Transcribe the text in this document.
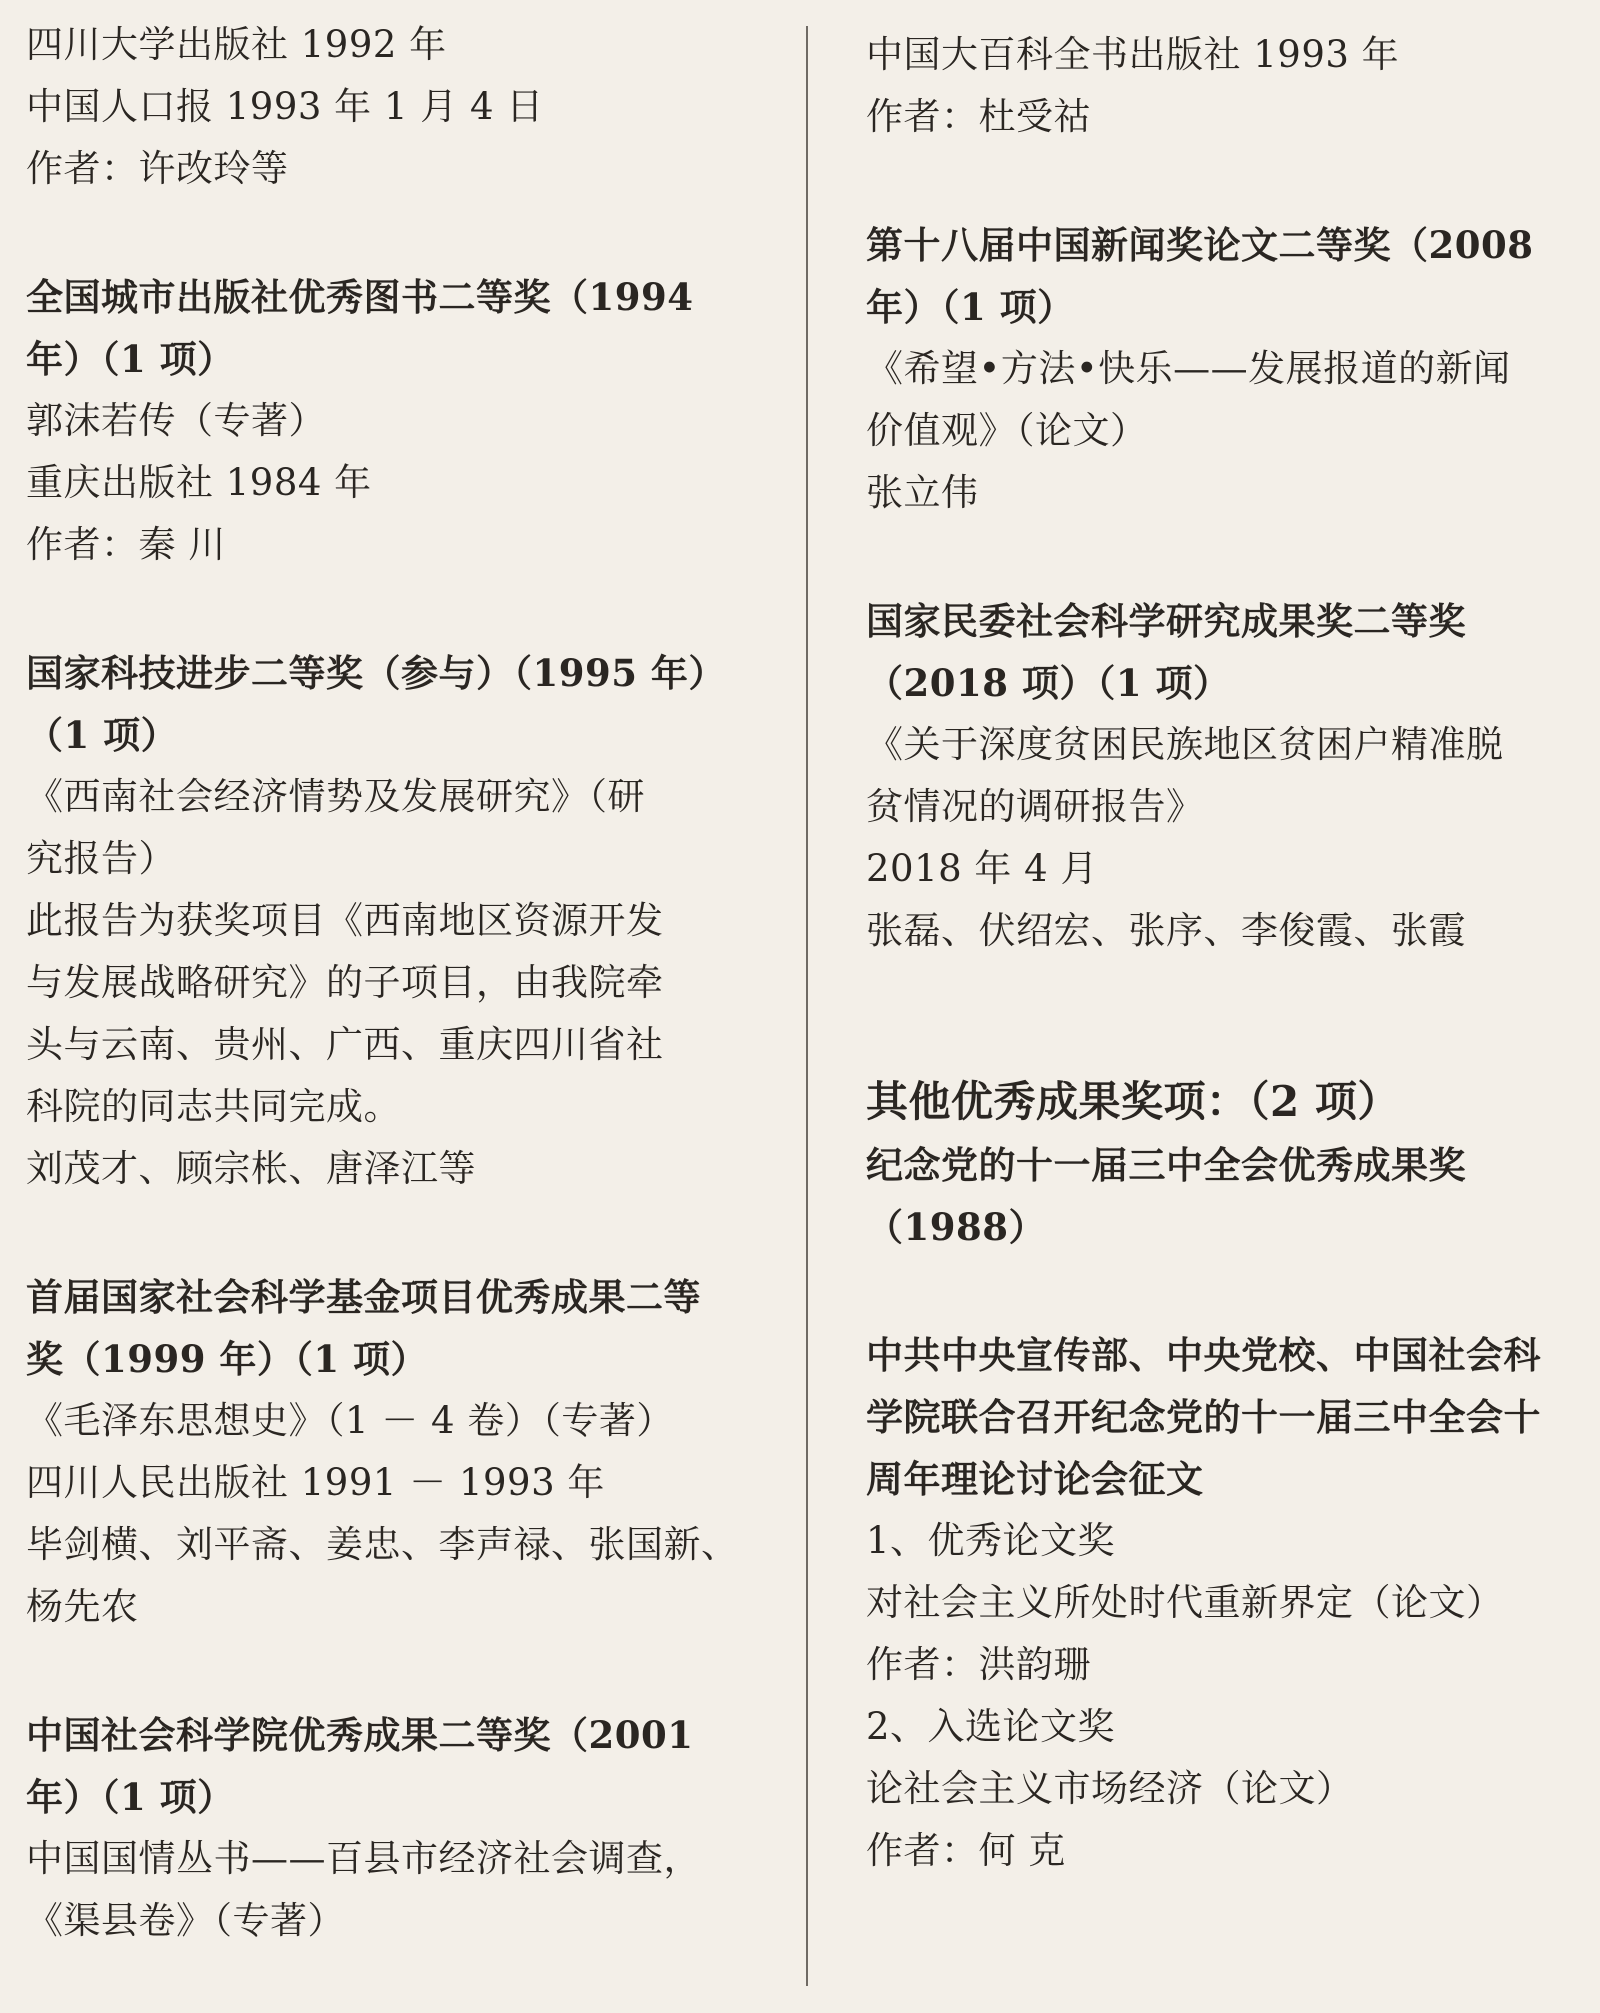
四川大学出版社 1992 年
中国人口报 1993 年 1 月 4 日
作者：许改玲等
全国城市出版社优秀图书二等奖（1994
年）（1 项）
郭沫若传（专著）
重庆出版社 1984 年
作者：秦 川
国家科技进步二等奖（参与）（1995 年）
（1 项）
《西南社会经济情势及发展研究》（研
究报告）
此报告为获奖项目《西南地区资源开发
与发展战略研究》的子项目，由我院牵
头与云南、贵州、广西、重庆四川省社
科院的同志共同完成。
刘茂才、顾宗枨、唐泽江等
首届国家社会科学基金项目优秀成果二等
奖（1999 年）（1 项）
《毛泽东思想史》（1 － 4 卷）（专著）
四川人民出版社 1991 － 1993 年
毕剑横、刘平斋、姜忠、李声禄、张国新、
杨先农
中国社会科学院优秀成果二等奖（2001
年）（1 项）
中国国情丛书——百县市经济社会调查，
《渠县卷》（专著）
中国大百科全书出版社 1993 年
作者：杜受祜
第十八届中国新闻奖论文二等奖（2008
年）（1 项）
《希望•方法•快乐——发展报道的新闻
价值观》（论文）
张立伟
国家民委社会科学研究成果奖二等奖
（2018 项）（1 项）
《关于深度贫困民族地区贫困户精准脱
贫情况的调研报告》
2018 年 4 月
张磊、伏绍宏、张序、李俊霞、张霞
其他优秀成果奖项：（2 项）
纪念党的十一届三中全会优秀成果奖
（1988）
中共中央宣传部、中央党校、中国社会科
学院联合召开纪念党的十一届三中全会十
周年理论讨论会征文
1、优秀论文奖
对社会主义所处时代重新界定（论文）
作者：洪韵珊
2、入选论文奖
论社会主义市场经济（论文）
作者：何 克
